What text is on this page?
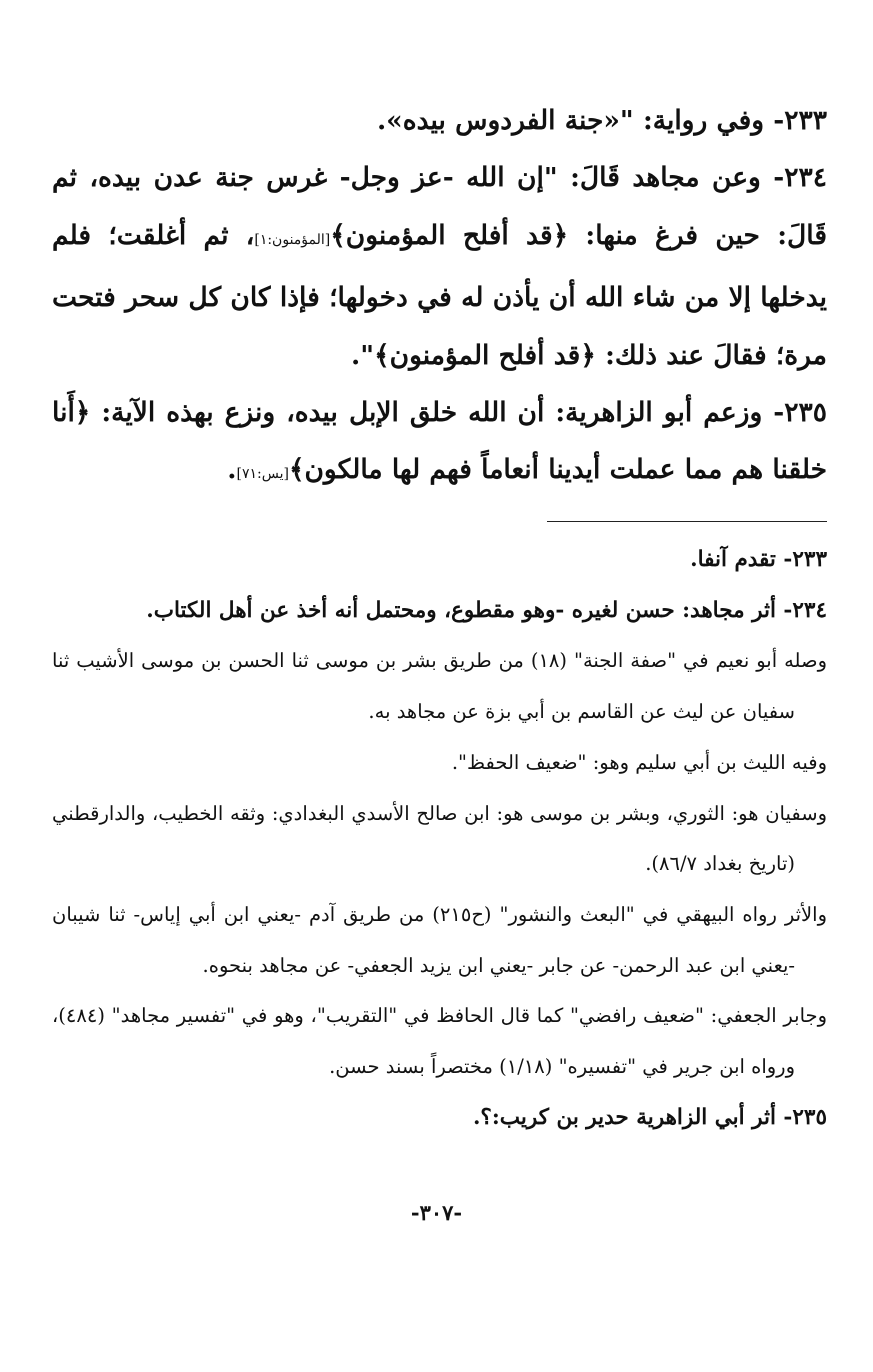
٢٣٣- وفي رواية: "«جنة الفردوس بيده».

٢٣٤- وعن مجاهد قَالَ: "إن الله -عز وجل- غرس جنة عدن بيده، ثم قَالَ: حين فرغ منها: ﴿قد أفلح المؤمنون﴾[المؤمنون:١]، ثم أغلقت؛ فلم يدخلها إلا من شاء الله أن يأذن له في دخولها؛ فإذا كان كل سحر فتحت مرة؛ فقالَ عند ذلك: ﴿قد أفلح المؤمنون﴾".

٢٣٥- وزعم أبو الزاهرية: أن الله خلق الإبل بيده، ونزع بهذه الآية: ﴿أَنا خلقنا هم مما عملت أيدينا أنعاماً فهم لها مالكون﴾[يس:٧١].

٢٣٣- تقدم آنفا.

٢٣٤- أثر مجاهد: حسن لغيره -وهو مقطوع، ومحتمل أنه أخذ عن أهل الكتاب.

وصله أبو نعيم في "صفة الجنة" (١٨) من طريق بشر بن موسى ثنا الحسن بن موسى الأشيب ثنا سفيان عن ليث عن القاسم بن أبي بزة عن مجاهد به.

وفيه الليث بن أبي سليم وهو: "ضعيف الحفظ".

وسفيان هو: الثوري، وبشر بن موسى هو: ابن صالح الأسدي البغدادي: وثقه الخطيب، والدارقطني (تاريخ بغداد ٨٦/٧).

والأثر رواه البيهقي في "البعث والنشور" (ح٢١٥) من طريق آدم -يعني ابن أبي إياس- ثنا شيبان -يعني ابن عبد الرحمن- عن جابر -يعني ابن يزيد الجعفي- عن مجاهد بنحوه.

وجابر الجعفي: "ضعيف رافضي" كما قال الحافظ في "التقريب"، وهو في "تفسير مجاهد" (٤٨٤)، ورواه ابن جرير في "تفسيره" (١/١٨) مختصراً بسند حسن.

٢٣٥- أثر أبي الزاهرية حدير بن كريب:؟.

-٣٠٧-
